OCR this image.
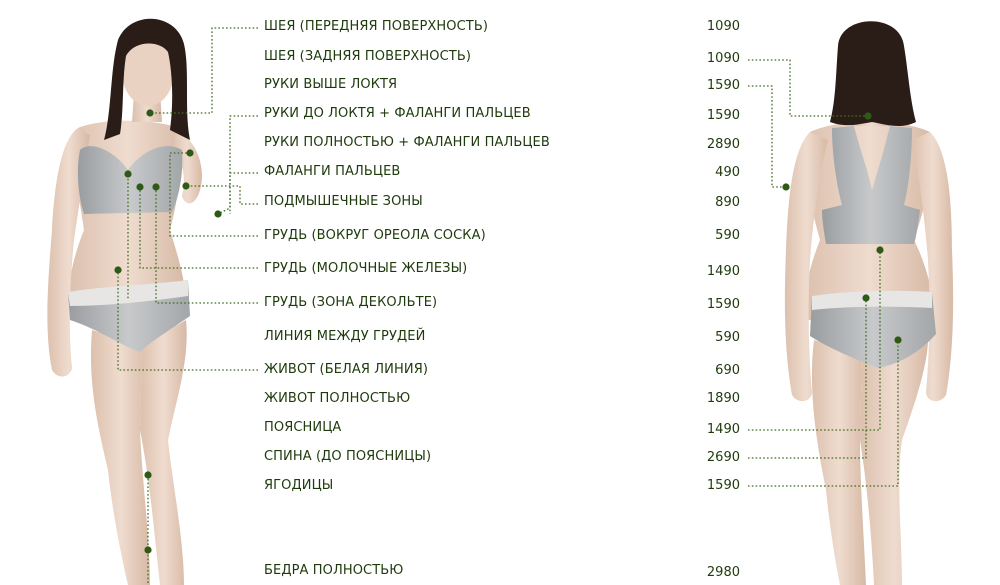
ШЕЯ (ПЕРЕДНЯЯ ПОВЕРХНОСТЬ)
ШЕЯ (ЗАДНЯЯ ПОВЕРХНОСТЬ)
РУКИ ВЫШЕ ЛОКТЯ
РУКИ ДО ЛОКТЯ + ФАЛАНГИ ПАЛЬЦЕВ
РУКИ ПОЛНОСТЬЮ + ФАЛАНГИ ПАЛЬЦЕВ
ФАЛАНГИ ПАЛЬЦЕВ
ПОДМЫШЕЧНЫЕ ЗОНЫ
ГРУДЬ (ВОКРУГ ОРЕОЛА СОСКА)
ГРУДЬ (МОЛОЧНЫЕ ЖЕЛЕЗЫ)
ГРУДЬ (ЗОНА ДЕКОЛЬТЕ)
ЛИНИЯ МЕЖДУ ГРУДЕЙ
ЖИВОТ (БЕЛАЯ ЛИНИЯ)
ЖИВОТ ПОЛНОСТЬЮ
ПОЯСНИЦА
СПИНА (ДО ПОЯСНИЦЫ)
ЯГОДИЦЫ
БЕДРА ПОЛНОСТЬЮ
1090
1090
1590
1590
2890
490
890
590
1490
1590
590
690
1890
1490
2690
1590
2980
